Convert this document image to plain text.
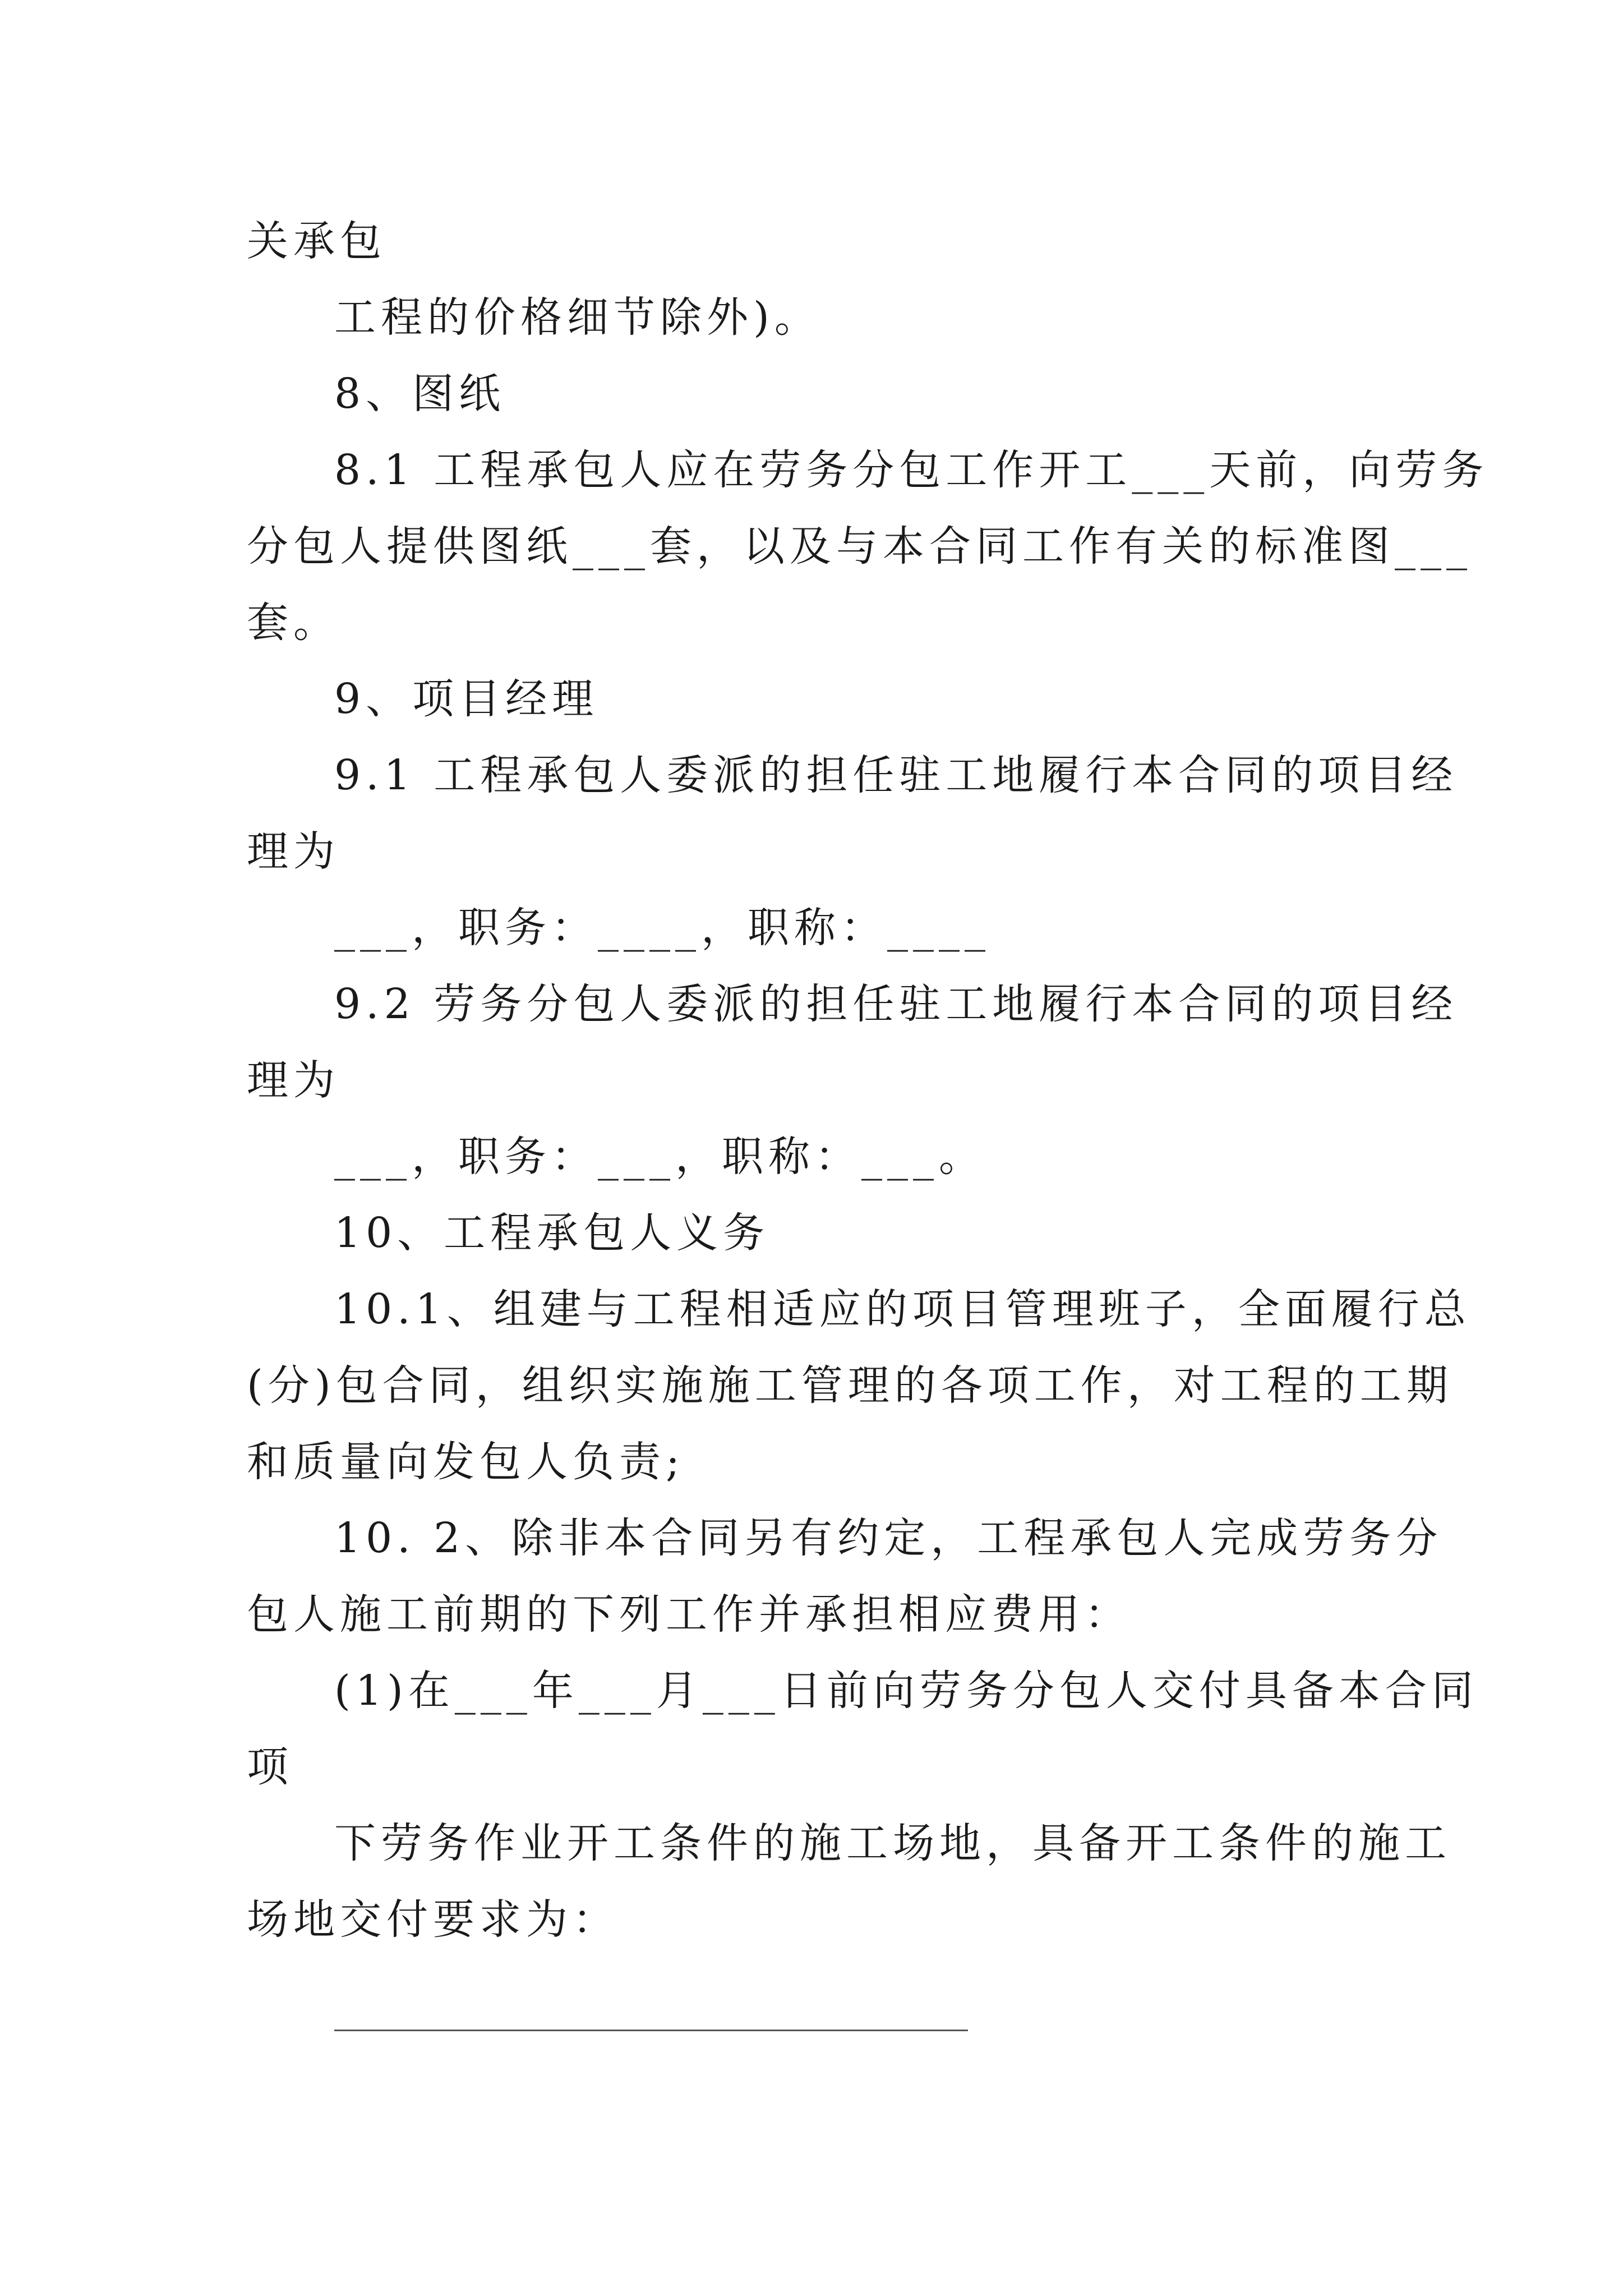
关承包
工程的价格细节除外)。
8、图纸
8.1 工程承包人应在劳务分包工作开工___天前，向劳务
分包人提供图纸___套，以及与本合同工作有关的标准图___
套。
9、项目经理
9.1 工程承包人委派的担任驻工地履行本合同的项目经
理为
___，职务：____，职称：____
9.2 劳务分包人委派的担任驻工地履行本合同的项目经
理为
___，职务：___，职称：___。
10、工程承包人义务
10.1、组建与工程相适应的项目管理班子，全面履行总
(分)包合同，组织实施施工管理的各项工作，对工程的工期
和质量向发包人负责;
10. 2、除非本合同另有约定，工程承包人完成劳务分
包人施工前期的下列工作并承担相应费用：
(1)在___年___月___日前向劳务分包人交付具备本合同
项
下劳务作业开工条件的施工场地，具备开工条件的施工
场地交付要求为：
